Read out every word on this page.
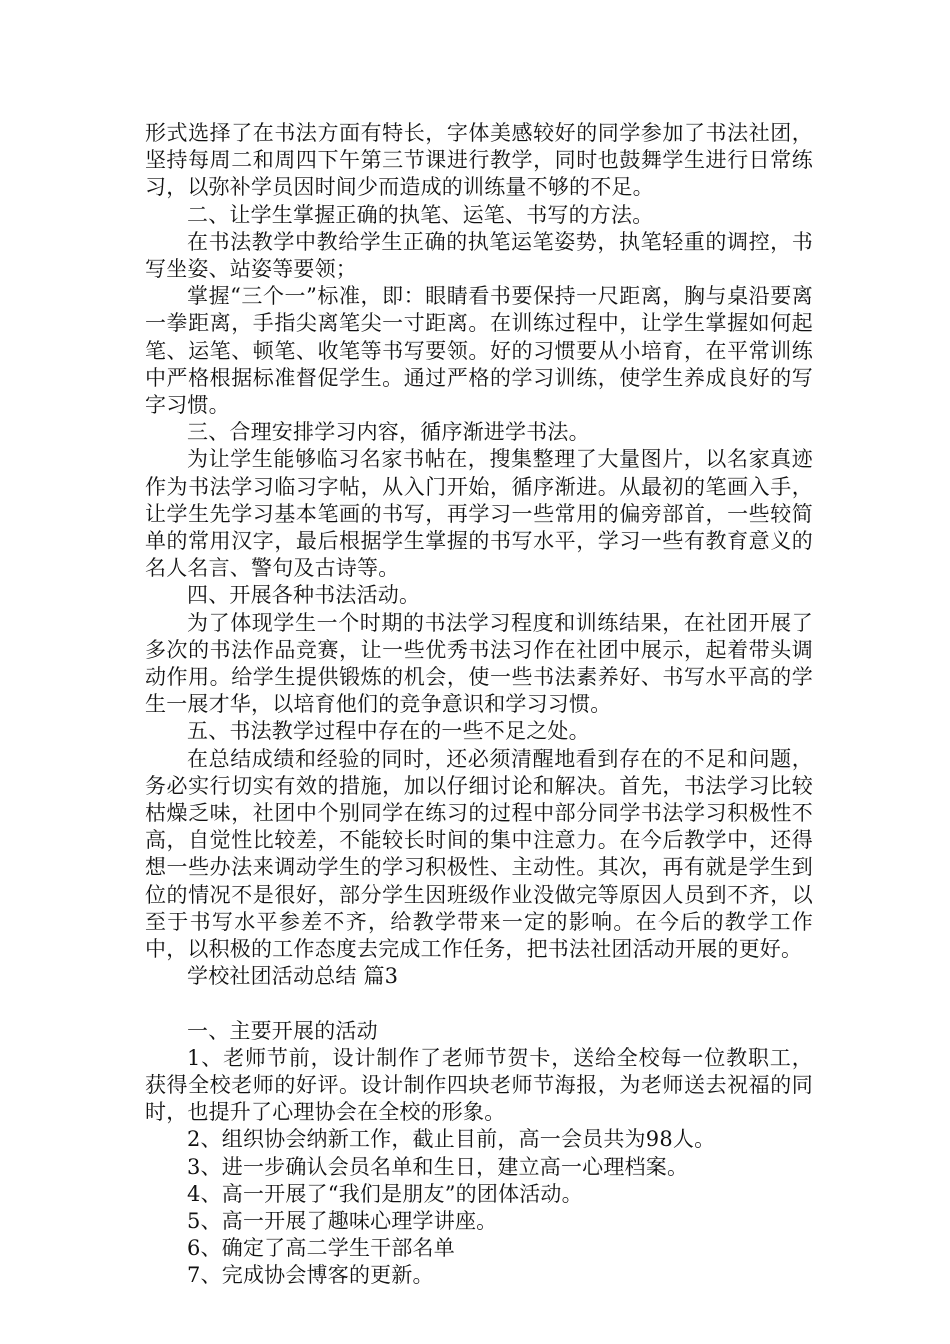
形式选择了在书法方面有特长，字体美感较好的同学参加了书法社团，坚持每周二和周四下午第三节课进行教学，同时也鼓舞学生进行日常练习，以弥补学员因时间少而造成的训练量不够的不足。

二、让学生掌握正确的执笔、运笔、书写的方法。

在书法教学中教给学生正确的执笔运笔姿势，执笔轻重的调控，书写坐姿、站姿等要领；

掌握“三个一”标准，即：眼睛看书要保持一尺距离，胸与桌沿要离一拳距离，手指尖离笔尖一寸距离。在训练过程中，让学生掌握如何起笔、运笔、顿笔、收笔等书写要领。好的习惯要从小培育，在平常训练中严格根据标准督促学生。通过严格的学习训练，使学生养成良好的写字习惯。

三、合理安排学习内容，循序渐进学书法。

为让学生能够临习名家书帖在，搜集整理了大量图片，以名家真迹作为书法学习临习字帖，从入门开始，循序渐进。从最初的笔画入手，让学生先学习基本笔画的书写，再学习一些常用的偏旁部首，一些较简单的常用汉字，最后根据学生掌握的书写水平，学习一些有教育意义的名人名言、警句及古诗等。

四、开展各种书法活动。

为了体现学生一个时期的书法学习程度和训练结果，在社团开展了多次的书法作品竞赛，让一些优秀书法习作在社团中展示，起着带头调动作用。给学生提供锻炼的机会，使一些书法素养好、书写水平高的学生一展才华，以培育他们的竞争意识和学习习惯。

五、书法教学过程中存在的一些不足之处。

在总结成绩和经验的同时，还必须清醒地看到存在的不足和问题，务必实行切实有效的措施，加以仔细讨论和解决。首先，书法学习比较枯燥乏味，社团中个别同学在练习的过程中部分同学书法学习积极性不高，自觉性比较差，不能较长时间的集中注意力。在今后教学中，还得想一些办法来调动学生的学习积极性、主动性。其次，再有就是学生到位的情况不是很好，部分学生因班级作业没做完等原因人员到不齐，以至于书写水平参差不齐，给教学带来一定的影响。在今后的教学工作中，以积极的工作态度去完成工作任务，把书法社团活动开展的更好。

学校社团活动总结 篇3

一、主要开展的活动

1、老师节前，设计制作了老师节贺卡，送给全校每一位教职工，获得全校老师的好评。设计制作四块老师节海报，为老师送去祝福的同时，也提升了心理协会在全校的形象。

2、组织协会纳新工作，截止目前，高一会员共为98人。

3、进一步确认会员名单和生日，建立高一心理档案。

4、高一开展了“我们是朋友”的团体活动。

5、高一开展了趣味心理学讲座。

6、确定了高二学生干部名单

7、完成协会博客的更新。
